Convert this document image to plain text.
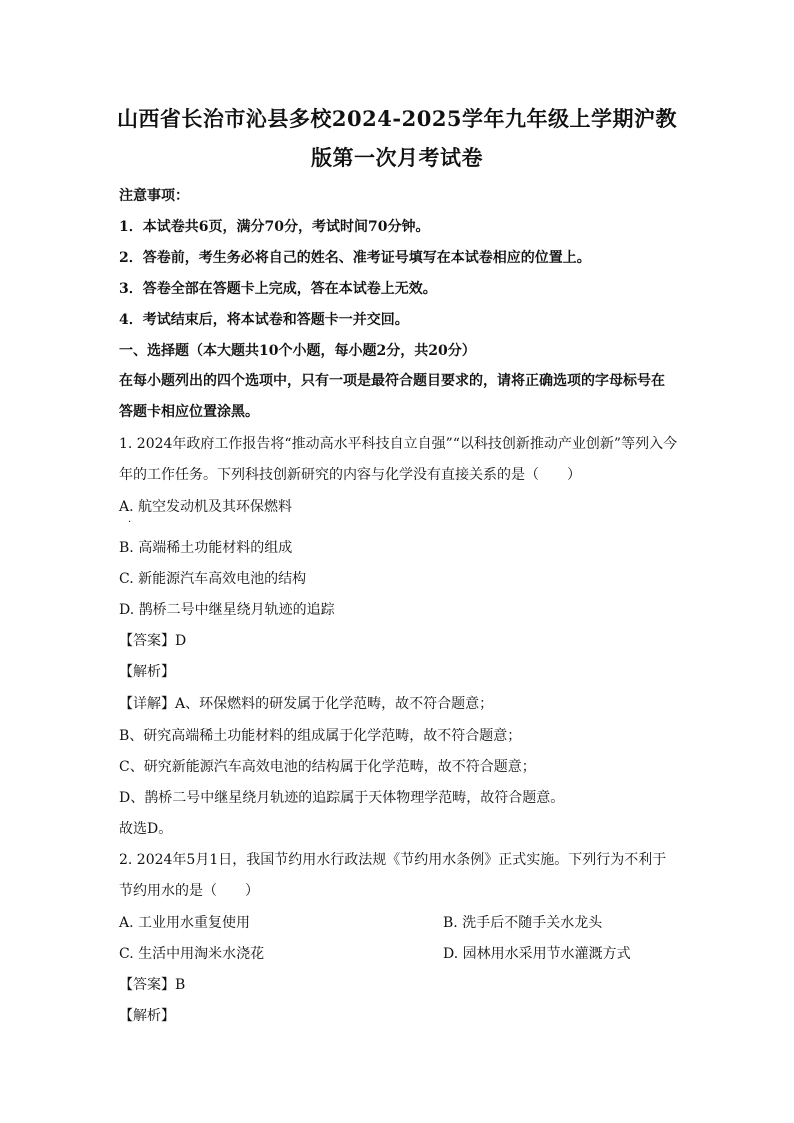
山西省长治市沁县多校2024-2025学年九年级上学期沪教
版第一次月考试卷
注意事项：
1．本试卷共6页，满分70分，考试时间70分钟。
2．答卷前，考生务必将自己的姓名、准考证号填写在本试卷相应的位置上。
3．答卷全部在答题卡上完成，答在本试卷上无效。
4．考试结束后，将本试卷和答题卡一并交回。
一、选择题（本大题共10个小题，每小题2分，共20分）
在每小题列出的四个选项中，只有一项是最符合题目要求的，请将正确选项的字母标号在
答题卡相应位置涂黑。
1. 2024年政府工作报告将“推动高水平科技自立自强”“以科技创新推动产业创新”等列入今
年的工作任务。下列科技创新研究的内容与化学没有直接关系的是（　　）
A. 航空发动机及其环保燃料
·
B. 高端稀土功能材料的组成
C. 新能源汽车高效电池的结构
D. 鹊桥二号中继星绕月轨迹的追踪
【答案】D
【解析】
【详解】A、环保燃料的研发属于化学范畴，故不符合题意；
B、研究高端稀土功能材料的组成属于化学范畴，故不符合题意；
C、研究新能源汽车高效电池的结构属于化学范畴，故不符合题意；
D、鹊桥二号中继星绕月轨迹的追踪属于天体物理学范畴，故符合题意。
故选D。
2. 2024年5月1日，我国节约用水行政法规《节约用水条例》正式实施。下列行为不利于
节约用水的是（　　）
A. 工业用水重复使用	B. 洗手后不随手关水龙头
C. 生活中用淘米水浇花	D. 园林用水采用节水灌溉方式
【答案】B
【解析】
